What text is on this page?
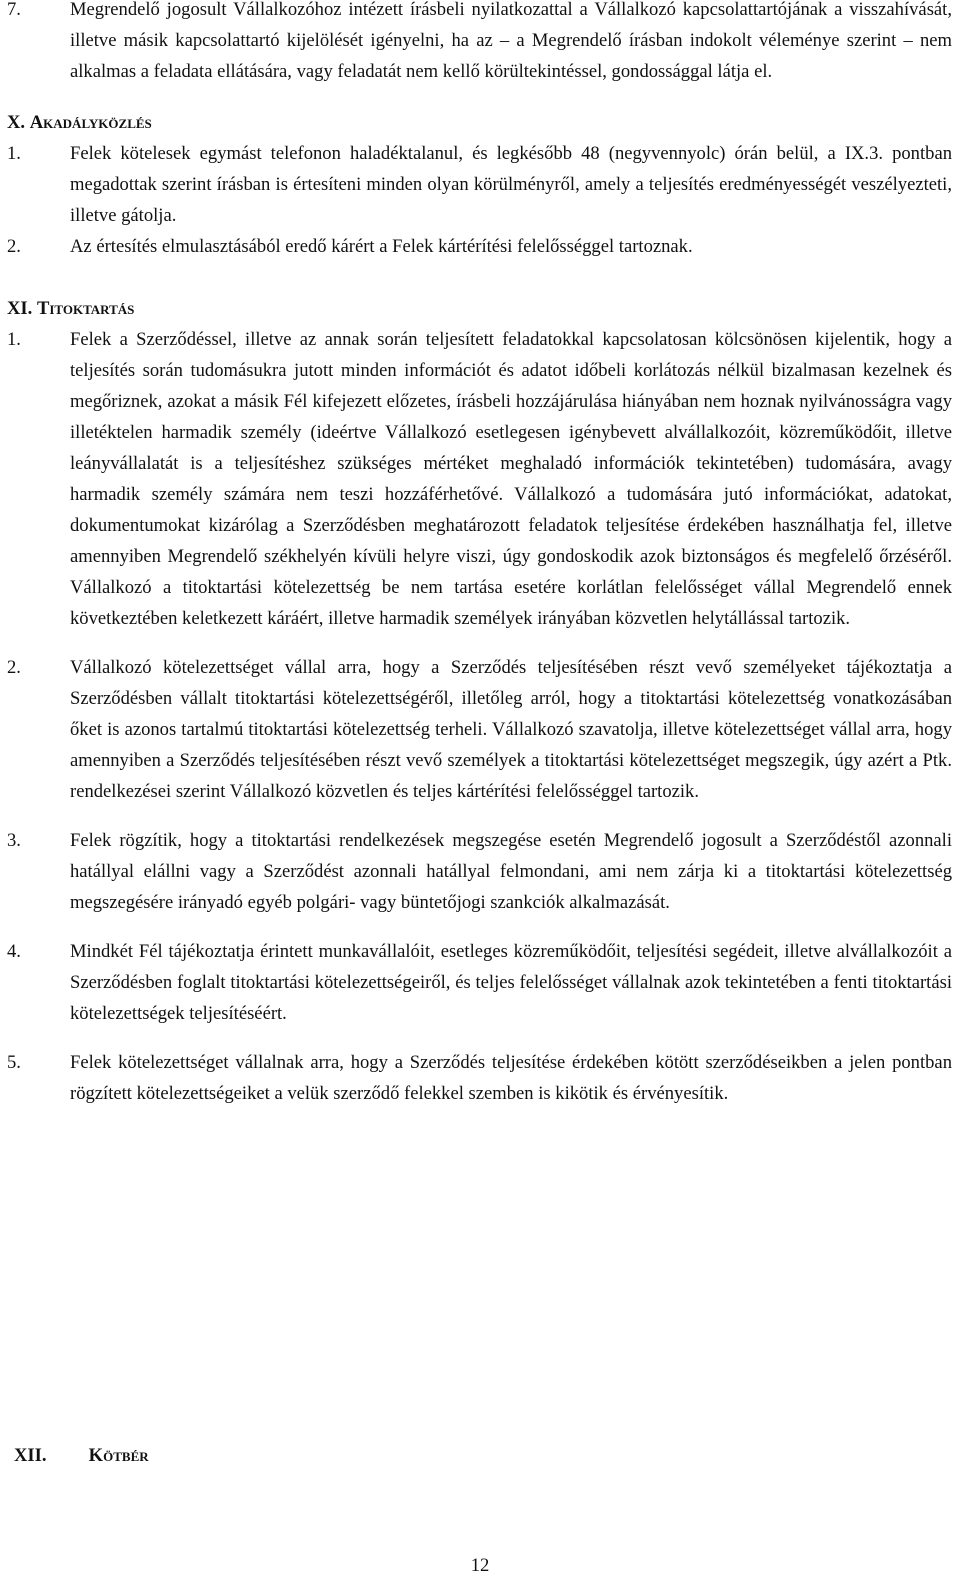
7.	Megrendelő jogosult Vállalkozóhoz intézett írásbeli nyilatkozattal a Vállalkozó kapcsolattartójának a visszahívását, illetve másik kapcsolattartó kijelölését igényelni, ha az – a Megrendelő írásban indokolt véleménye szerint – nem alkalmas a feladata ellátására, vagy feladatát nem kellő körültekintéssel, gondossággal látja el.
X. Akadályközlés
1.	Felek kötelesek egymást telefonon haladéktalanul, és legkésőbb 48 (negyvennyolc) órán belül, a IX.3. pontban megadottak szerint írásban is értesíteni minden olyan körülményről, amely a teljesítés eredményességét veszélyezteti, illetve gátolja.
2.	Az értesítés elmulasztásából eredő kárért a Felek kártérítési felelősséggel tartoznak.
XI. Titoktartás
1.	Felek a Szerződéssel, illetve az annak során teljesített feladatokkal kapcsolatosan kölcsönösen kijelentik, hogy a teljesítés során tudomásukra jutott minden információt és adatot időbeli korlátozás nélkül bizalmasan kezelnek és megőriznek, azokat a másik Fél kifejezett előzetes, írásbeli hozzájárulása hiányában nem hoznak nyilvánosságra vagy illetéktelen harmadik személy (ideértve Vállalkozó esetlegesen igénybevett alvállalkozóit, közreműködőit, illetve leányvállalatát is a teljesítéshez szükséges mértéket meghaladó információk tekintetében) tudomására, avagy harmadik személy számára nem teszi hozzáférhetővé. Vállalkozó a tudomására jutó információkat, adatokat, dokumentumokat kizárólag a Szerződésben meghatározott feladatok teljesítése érdekében használhatja fel, illetve amennyiben Megrendelő székhelyén kívüli helyre viszi, úgy gondoskodik azok biztonságos és megfelelő őrzéséről. Vállalkozó a titoktartási kötelezettség be nem tartása esetére korlátlan felelősséget vállal Megrendelő ennek következtében keletkezett káráért, illetve harmadik személyek irányában közvetlen helytállással tartozik.
2.	Vállalkozó kötelezettséget vállal arra, hogy a Szerződés teljesítésében részt vevő személyeket tájékoztatja a Szerződésben vállalt titoktartási kötelezettségéről, illetőleg arról, hogy a titoktartási kötelezettség vonatkozásában őket is azonos tartalmú titoktartási kötelezettség terheli. Vállalkozó szavatolja, illetve kötelezettséget vállal arra, hogy amennyiben a Szerződés teljesítésében részt vevő személyek a titoktartási kötelezettséget megszegik, úgy azért a Ptk. rendelkezései szerint Vállalkozó közvetlen és teljes kártérítési felelősséggel tartozik.
3.	Felek rögzítik, hogy a titoktartási rendelkezések megszegése esetén Megrendelő jogosult a Szerződéstől azonnali hatállyal elállni vagy a Szerződést azonnali hatállyal felmondani, ami nem zárja ki a titoktartási kötelezettség megszegésére irányadó egyéb polgári- vagy büntetőjogi szankciók alkalmazását.
4.	Mindkét Fél tájékoztatja érintett munkavállalóit, esetleges közreműködőit, teljesítési segédeit, illetve alvállalkozóit a Szerződésben foglalt titoktartási kötelezettségeiről, és teljes felelősséget vállalnak azok tekintetében a fenti titoktartási kötelezettségek teljesítéséért.
5.	Felek kötelezettséget vállalnak arra, hogy a Szerződés teljesítése érdekében kötött szerződéseikben a jelen pontban rögzített kötelezettségeiket a velük szerződő felekkel szemben is kikötik és érvényesítik.
XII. Kötbér
12
